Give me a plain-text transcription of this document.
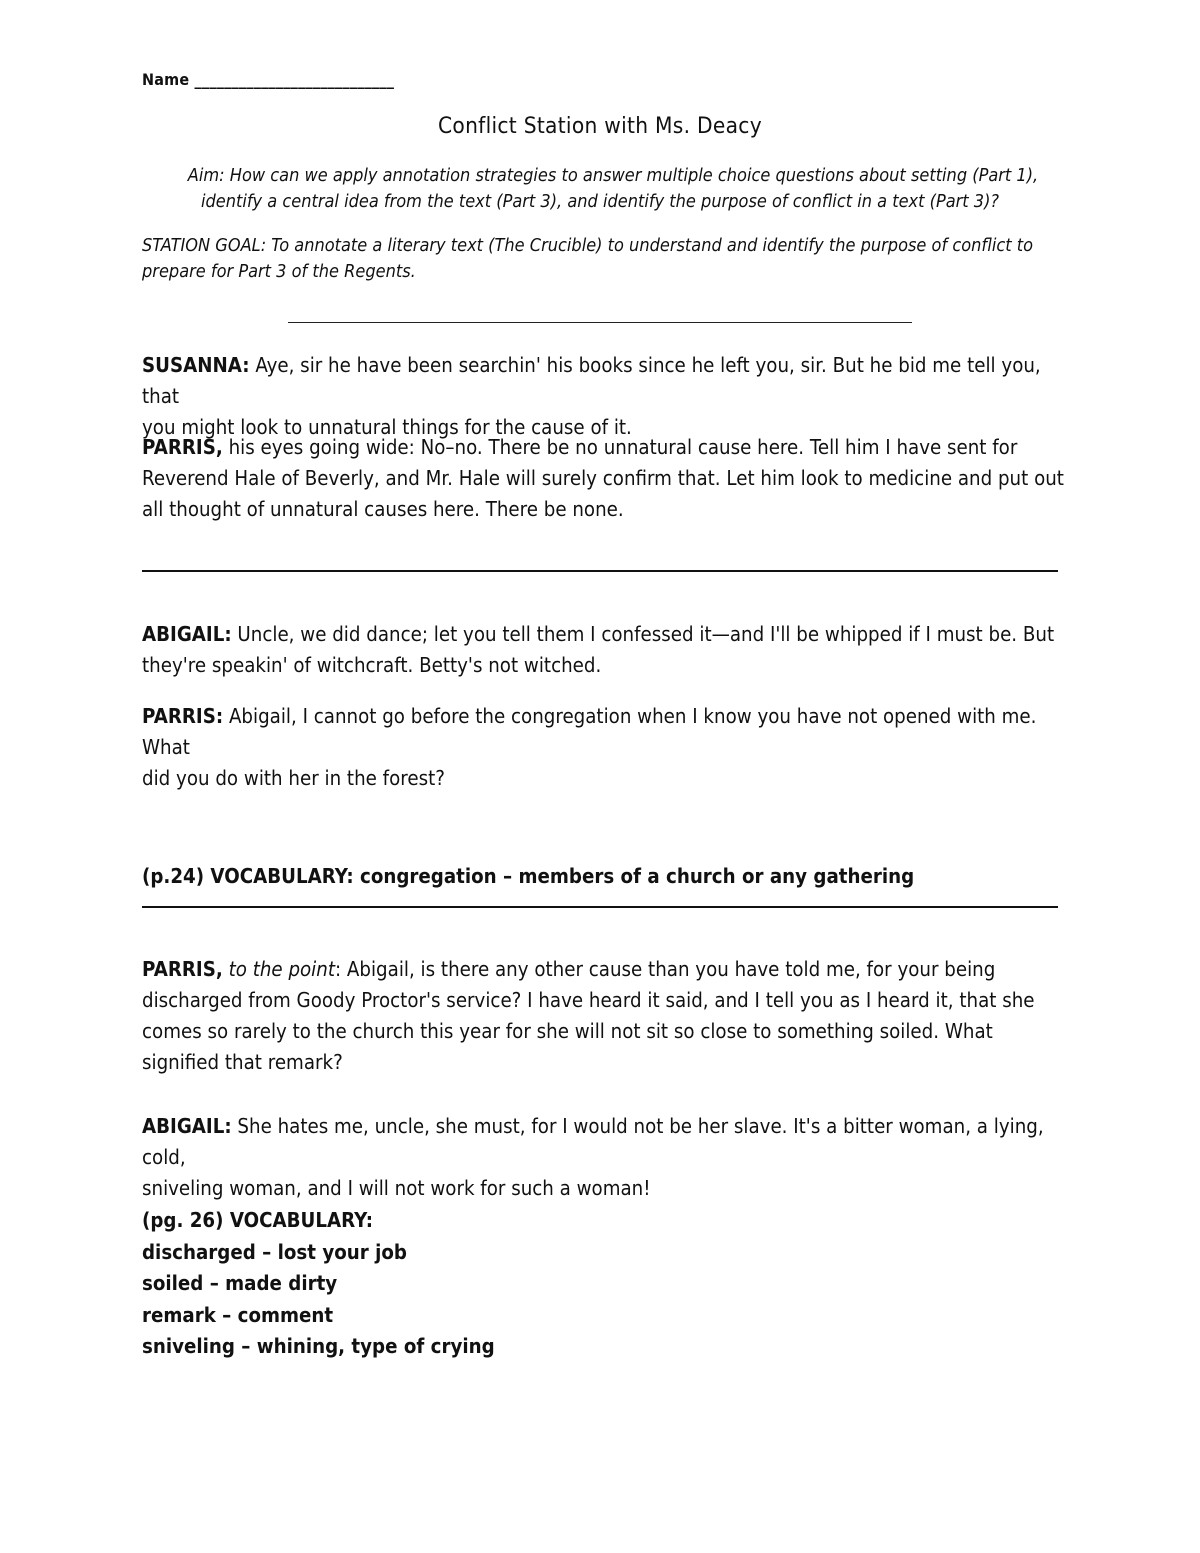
Name ___________________________
Conflict Station with Ms. Deacy
Aim: How can we apply annotation strategies to answer multiple choice questions about setting (Part 1),
identify a central idea from the text (Part 3), and identify the purpose of conflict in a text (Part 3)?
STATION GOAL: To annotate a literary text (The Crucible) to understand and identify the purpose of conflict to
prepare for Part 3 of the Regents.
SUSANNA: Aye, sir he have been searchin' his books since he left you, sir. But he bid me tell you, that
you might look to unnatural things for the cause of it.
PARRIS, his eyes going wide: No–no. There be no unnatural cause here. Tell him I have sent for
Reverend Hale of Beverly, and Mr. Hale will surely confirm that. Let him look to medicine and put out
all thought of unnatural causes here. There be none.
ABIGAIL: Uncle, we did dance; let you tell them I confessed it—and I'll be whipped if I must be. But
they're speakin' of witchcraft. Betty's not witched.
PARRIS: Abigail, I cannot go before the congregation when I know you have not opened with me. What
did you do with her in the forest?
(p.24) VOCABULARY: congregation – members of a church or any gathering
PARRIS, to the point: Abigail, is there any other cause than you have told me, for your being
discharged from Goody Proctor's service? I have heard it said, and I tell you as I heard it, that she
comes so rarely to the church this year for she will not sit so close to something soiled. What
signified that remark?
ABIGAIL: She hates me, uncle, she must, for I would not be her slave. It's a bitter woman, a lying, cold,
sniveling woman, and I will not work for such a woman!
(pg. 26) VOCABULARY:
discharged – lost your job
soiled – made dirty
remark – comment
sniveling – whining, type of crying
